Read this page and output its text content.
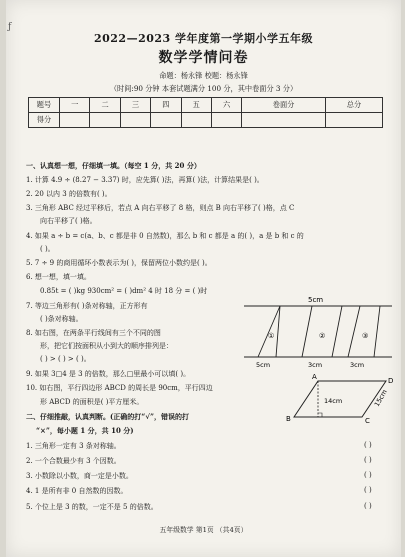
ƒ
2022—2023 学年度第一学期小学五年级
数学学情问卷
命题：杨永锋 校题：杨永锋
（时间:90 分钟 本套试题满分 100 分，其中卷面分 3 分）
题号	一	二	三	四	五	六	卷面分	总分
得分								
一、认真想一想，仔细填一填。（每空 1 分，共 20 分）
1. 计算 4.9 ÷ (8.27 − 3.37) 时，应先算( )法，再算( )法，计算结果是( )。
2. 20 以内 3 的倍数有( )。
3. 三角形 ABC 经过平移后，若点 A 向右平移了 8 格，则点 B 向右平移了( )格，点 C
向右平移了( )格。
4. 如果 a ÷ b = c(a、b、c 都是非 0 自然数)，那么 b 和 c 都是 a 的( )，a 是 b 和 c 的
( )。
5. 7 ÷ 9 的商用循环小数表示为( )，保留两位小数约是( )。
6. 想一想，填一填。
0.85t = ( )kg 930cm² = ( )dm² 4 时 18 分 = ( )时
7. 等边三角形有( )条对称轴，正方形有
( )条对称轴。
8. 如右图，在两条平行线间有三个不同的图
形，把它们按面积从小到大的顺序排列是：
( ) > ( ) > ( )。
9. 如果 3□4 是 3 的倍数，那么□里最小可以填( )。
10. 如右图，平行四边形 ABCD 的周长是 90cm，平行四边
形 ABCD 的面积是( )平方厘米。
二、仔细推敲，认真判断。(正确的打“√”，错误的打
“×”，每小题 1 分，共 10 分)
1. 三角形一定有 3 条对称轴。
2. 一个合数最少有 3 个因数。
3. 小数除以小数，商一定是小数。
4. 1 是所有非 0 自然数的因数。
5. 个位上是 3 的数，一定不是 5 的倍数。
( )
( )
( )
( )
( )
5cm
①	②	③
5cm	3cm	3cm
A
B	C
D
14cm	15cm
五年级数学 第1页 （共4页）
